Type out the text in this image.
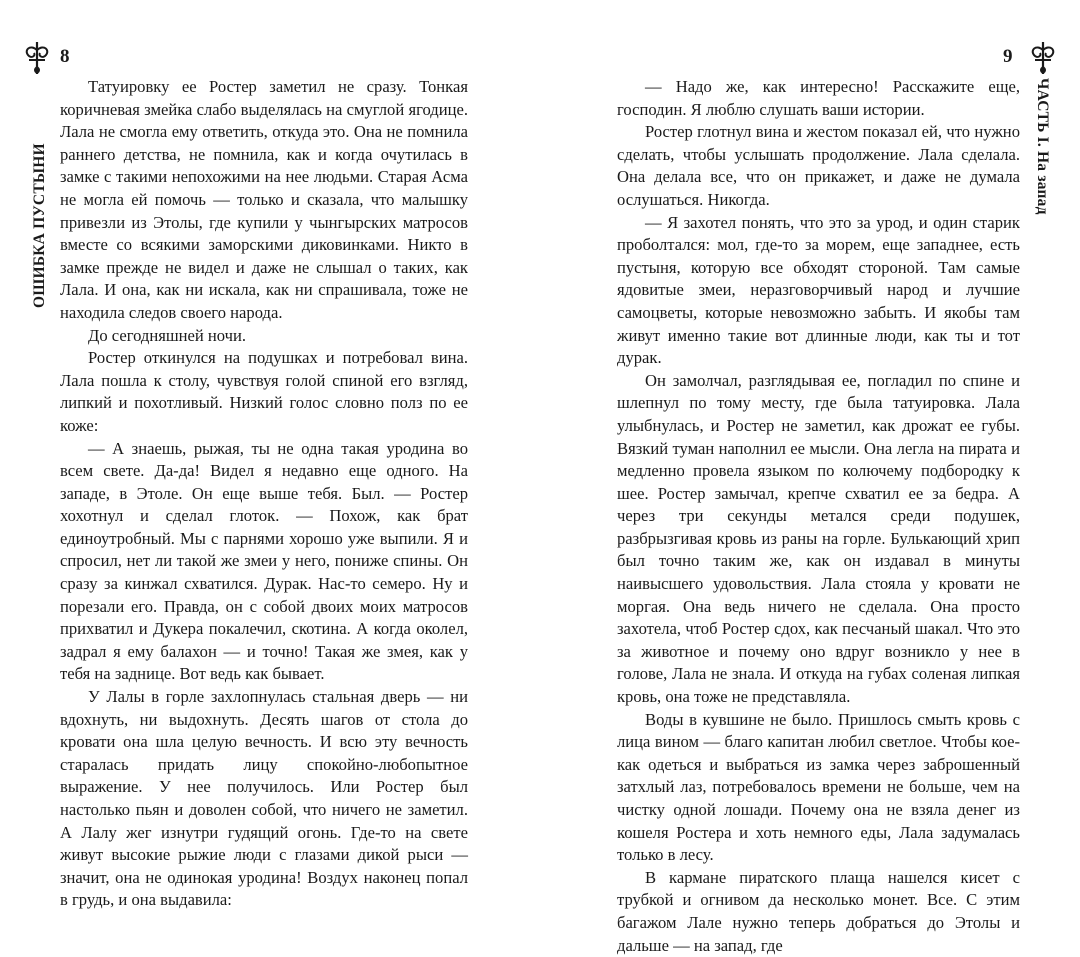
8
ОШИБКА ПУСТЫНИ

Татуировку ее Ростер заметил не сразу. Тонкая коричневая змейка слабо выделялась на смуглой ягодице. Лала не смогла ему ответить, откуда это. Она не помнила раннего детства, не помнила, как и когда очутилась в замке с такими непохожими на нее людьми. Старая Асма не могла ей помочь — только и сказала, что малышку привезли из Этолы, где купили у чынгырских матросов вместе со всякими заморскими диковинками. Никто в замке прежде не видел и даже не слышал о таких, как Лала. И она, как ни искала, как ни спрашивала, тоже не находила следов своего народа.

До сегодняшней ночи.

Ростер откинулся на подушках и потребовал вина. Лала пошла к столу, чувствуя голой спиной его взгляд, липкий и похотливый. Низкий голос словно полз по ее коже:

— А знаешь, рыжая, ты не одна такая уродина во всем свете. Да-да! Видел я недавно еще одного. На западе, в Этоле. Он еще выше тебя. Был. — Ростер хохотнул и сделал глоток. — Похож, как брат единоутробный. Мы с парнями хорошо уже выпили. Я и спросил, нет ли такой же змеи у него, пониже спины. Он сразу за кинжал схватился. Дурак. Нас-то семеро. Ну и порезали его. Правда, он с собой двоих моих матросов прихватил и Дукера покалечил, скотина. А когда околел, задрал я ему балахон — и точно! Такая же змея, как у тебя на заднице. Вот ведь как бывает.

У Лалы в горле захлопнулась стальная дверь — ни вдохнуть, ни выдохнуть. Десять шагов от стола до кровати она шла целую вечность. И всю эту вечность старалась придать лицу спокойно-любопытное выражение. У нее получилось. Или Ростер был настолько пьян и доволен собой, что ничего не заметил. А Лалу жег изнутри гудящий огонь. Где-то на свете живут высокие рыжие люди с глазами дикой рыси — значит, она не одинокая уродина! Воздух наконец попал в грудь, и она выдавила:

9
ЧАСТЬ I. На запад

— Надо же, как интересно! Расскажите еще, господин. Я люблю слушать ваши истории.

Ростер глотнул вина и жестом показал ей, что нужно сделать, чтобы услышать продолжение. Лала сделала. Она делала все, что он прикажет, и даже не думала ослушаться. Никогда.

— Я захотел понять, что это за урод, и один старик проболтался: мол, где-то за морем, еще западнее, есть пустыня, которую все обходят стороной. Там самые ядовитые змеи, неразговорчивый народ и лучшие самоцветы, которые невозможно забыть. И якобы там живут именно такие вот длинные люди, как ты и тот дурак.

Он замолчал, разглядывая ее, погладил по спине и шлепнул по тому месту, где была татуировка. Лала улыбнулась, и Ростер не заметил, как дрожат ее губы. Вязкий туман наполнил ее мысли. Она легла на пирата и медленно провела языком по колючему подбородку к шее. Ростер замычал, крепче схватил ее за бедра. А через три секунды метался среди подушек, разбрызгивая кровь из раны на горле. Булькающий хрип был точно таким же, как он издавал в минуты наивысшего удовольствия. Лала стояла у кровати не моргая. Она ведь ничего не сделала. Она просто захотела, чтоб Ростер сдох, как песчаный шакал. Что это за животное и почему оно вдруг возникло у нее в голове, Лала не знала. И откуда на губах соленая липкая кровь, она тоже не представляла.

Воды в кувшине не было. Пришлось смыть кровь с лица вином — благо капитан любил светлое. Чтобы кое-как одеться и выбраться из замка через заброшенный затхлый лаз, потребовалось времени не больше, чем на чистку одной лошади. Почему она не взяла денег из кошеля Ростера и хоть немного еды, Лала задумалась только в лесу.

В кармане пиратского плаща нашелся кисет с трубкой и огнивом да несколько монет. Все. С этим багажом Лале нужно теперь добраться до Этолы и дальше — на запад, где
